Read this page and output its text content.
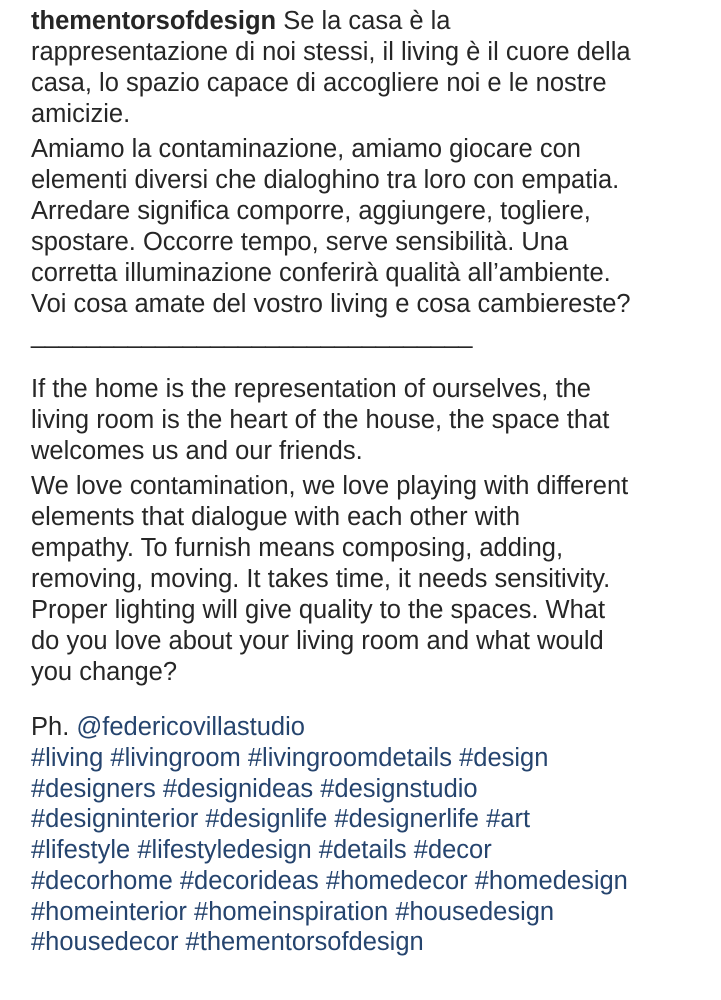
thementorsofdesign Se la casa è la
rappresentazione di noi stessi, il living è il cuore della
casa, lo spazio capace di accogliere noi e le nostre
amicizie.
Amiamo la contaminazione, amiamo giocare con
elementi diversi che dialoghino tra loro con empatia.
Arredare significa comporre, aggiungere, togliere,
spostare. Occorre tempo, serve sensibilità. Una
corretta illuminazione conferirà qualità all’ambiente.
Voi cosa amate del vostro living e cosa cambiereste?
________________________________
If the home is the representation of ourselves, the
living room is the heart of the house, the space that
welcomes us and our friends.
We love contamination, we love playing with different
elements that dialogue with each other with
empathy. To furnish means composing, adding,
removing, moving. It takes time, it needs sensitivity.
Proper lighting will give quality to the spaces. What
do you love about your living room and what would
you change?
Ph. @federicovillastudio
#living #livingroom #livingroomdetails #design
#designers #designideas #designstudio
#designinterior #designlife #designerlife #art
#lifestyle #lifestyledesign #details #decor
#decorhome #decorideas #homedecor #homedesign
#homeinterior #homeinspiration #housedesign
#housedecor #thementorsofdesign
